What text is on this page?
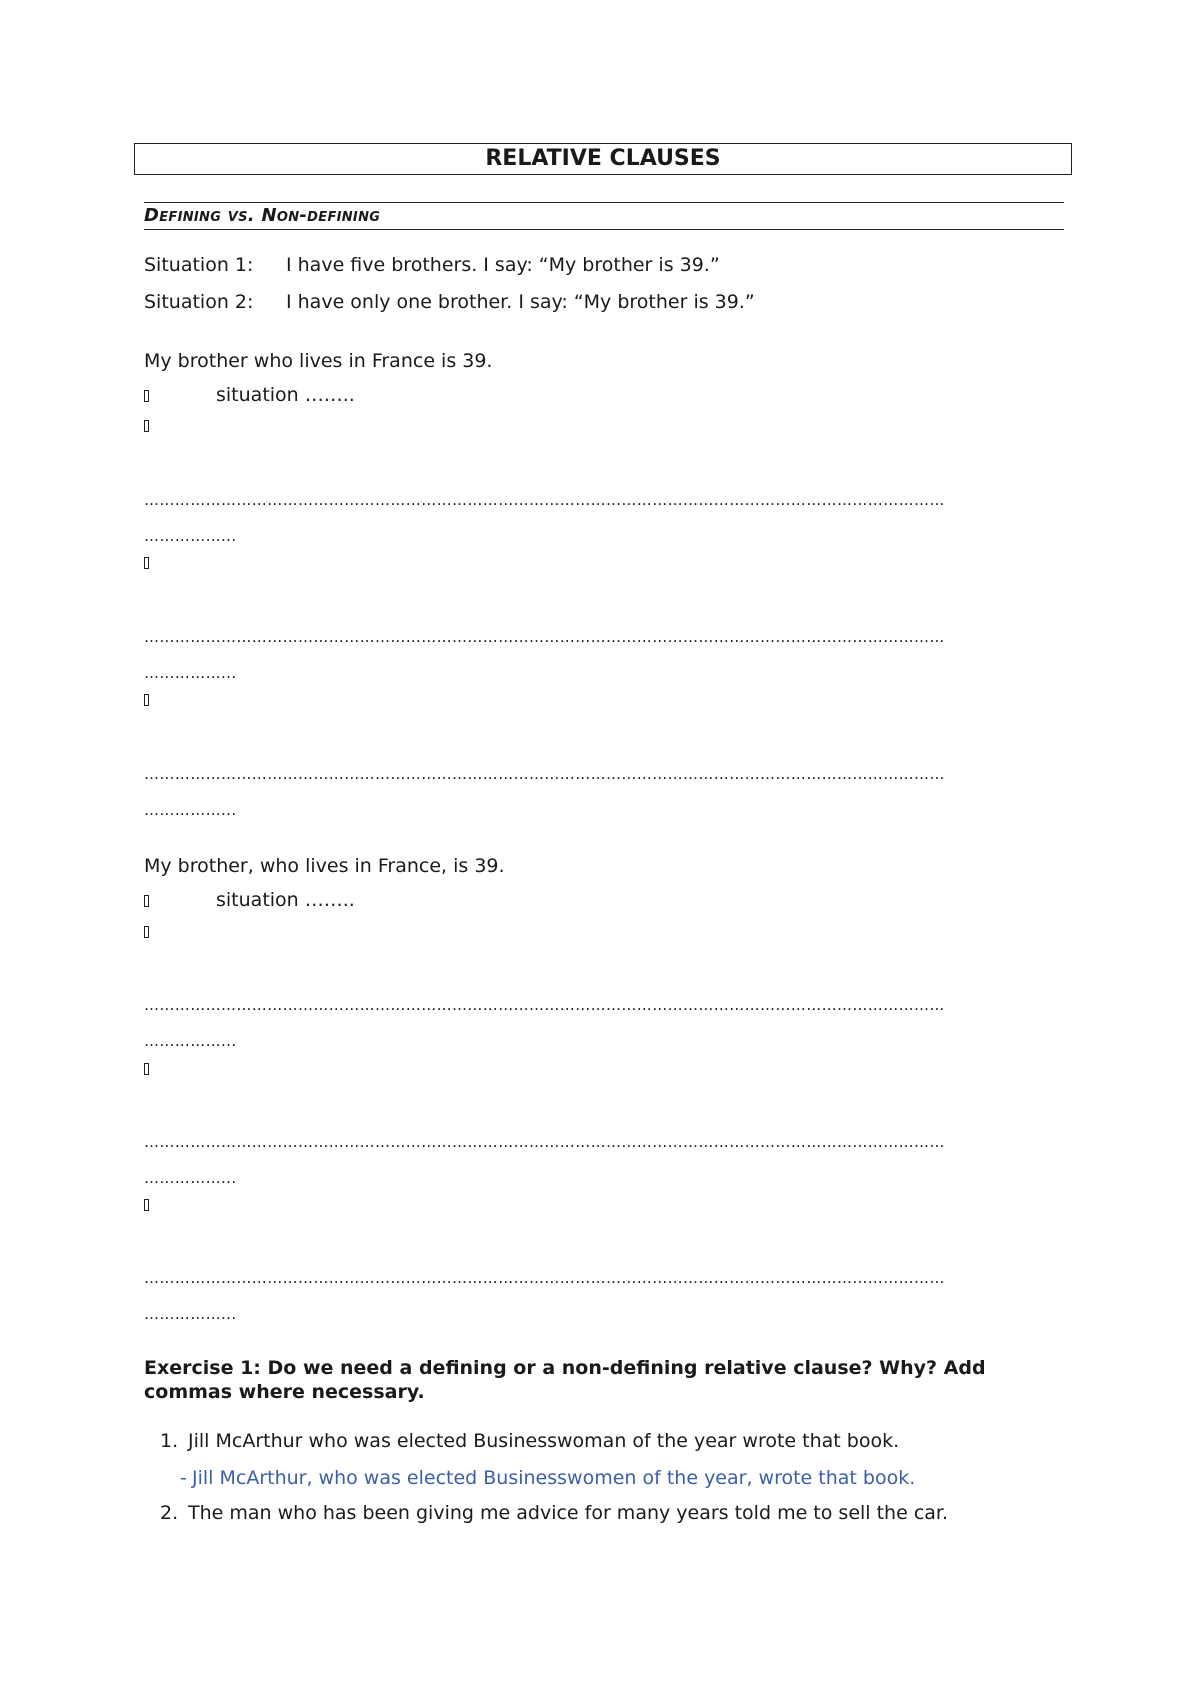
RELATIVE CLAUSES
Defining vs. Non-defining
Situation 1: I have five brothers. I say: “My brother is 39.”
Situation 2: I have only one brother. I say: “My brother is 39.”
My brother who lives in France is 39.
situation ……..
…………………………………………………………………………………………………………………………………………
……………...
…………………………………………………………………………………………………………………………………………
……………...
…………………………………………………………………………………………………………………………………………
……………...
My brother, who lives in France, is 39.
situation ……..
…………………………………………………………………………………………………………………………………………
……………...
…………………………………………………………………………………………………………………………………………
……………...
…………………………………………………………………………………………………………………………………………
……………...
Exercise 1: Do we need a defining or a non-defining relative clause? Why? Add commas where necessary.
1. Jill McArthur who was elected Businesswoman of the year wrote that book.
- Jill McArthur, who was elected Businesswomen of the year, wrote that book.
2. The man who has been giving me advice for many years told me to sell the car.
